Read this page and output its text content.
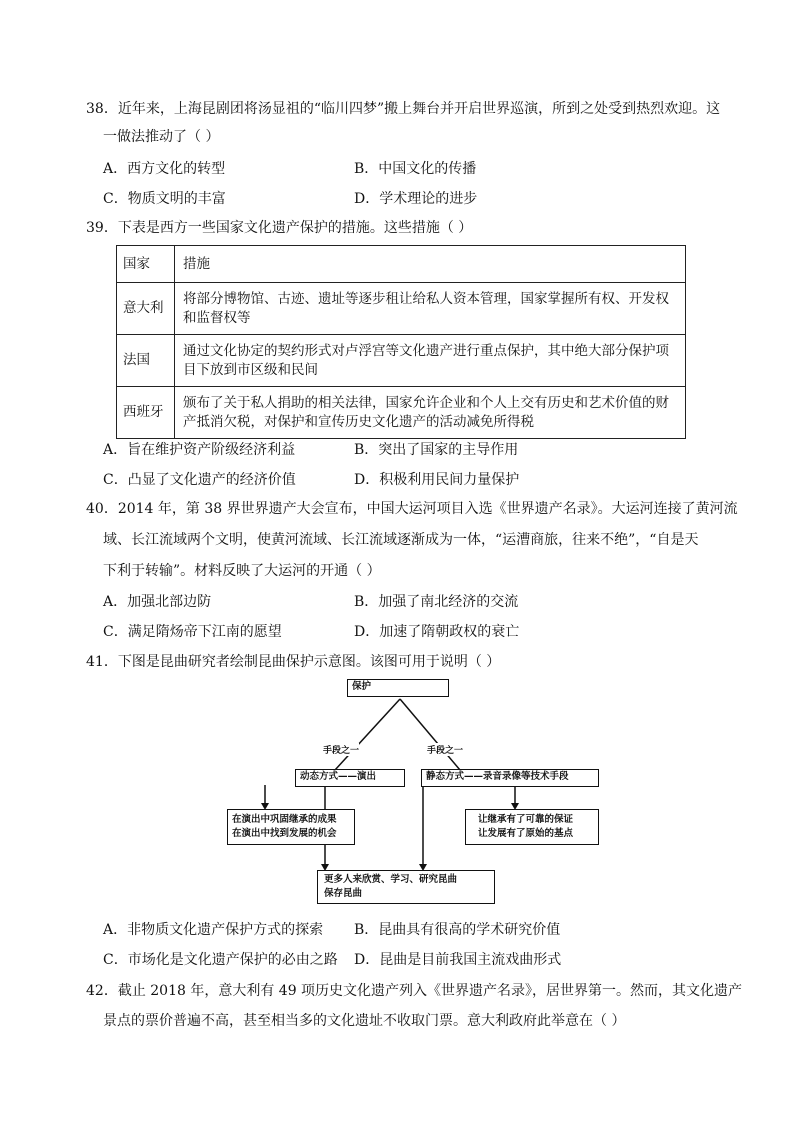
38．近年来，上海昆剧团将汤显祖的“临川四梦”搬上舞台并开启世界巡演，所到之处受到热烈欢迎。这
一做法推动了（ ）
A．西方文化的转型	B．中国文化的传播
C．物质文明的丰富	D．学术理论的进步
39．下表是西方一些国家文化遗产保护的措施。这些措施（ ）
国家	措施
意大利	将部分博物馆、古迹、遗址等逐步租让给私人资本管理，国家掌握所有权、开发权和监督权等
法国	通过文化协定的契约形式对卢浮宫等文化遗产进行重点保护，其中绝大部分保护项目下放到市区级和民间
西班牙	颁布了关于私人捐助的相关法律，国家允许企业和个人上交有历史和艺术价值的财产抵消欠税，对保护和宣传历史文化遗产的活动减免所得税
A．旨在维护资产阶级经济利益	B．突出了国家的主导作用
C．凸显了文化遗产的经济价值	D．积极利用民间力量保护
40．2014 年，第 38 界世界遗产大会宣布，中国大运河项目入选《世界遗产名录》。大运河连接了黄河流
域、长江流域两个文明，使黄河流域、长江流域逐渐成为一体，“运漕商旅，往来不绝”，“自是天
下利于转输”。材料反映了大运河的开通（ ）
A．加强北部边防	B．加强了南北经济的交流
C．满足隋炀帝下江南的愿望	D．加速了隋朝政权的衰亡
41．下图是昆曲研究者绘制昆曲保护示意图。该图可用于说明（ ）
保护
手段之一	手段之一
动态方式——演出	静态方式——录音录像等技术手段
在演出中巩固继承的成果
在演出中找到发展的机会
让继承有了可靠的保证
让发展有了原始的基点
更多人来欣赏、学习、研究昆曲
保存昆曲
A．非物质文化遗产保护方式的探索 B．昆曲具有很高的学术研究价值
C．市场化是文化遗产保护的必由之路 D．昆曲是目前我国主流戏曲形式
42．截止 2018 年，意大利有 49 项历史文化遗产列入《世界遗产名录》，居世界第一。然而，其文化遗产
景点的票价普遍不高，甚至相当多的文化遗址不收取门票。意大利政府此举意在（ ）
